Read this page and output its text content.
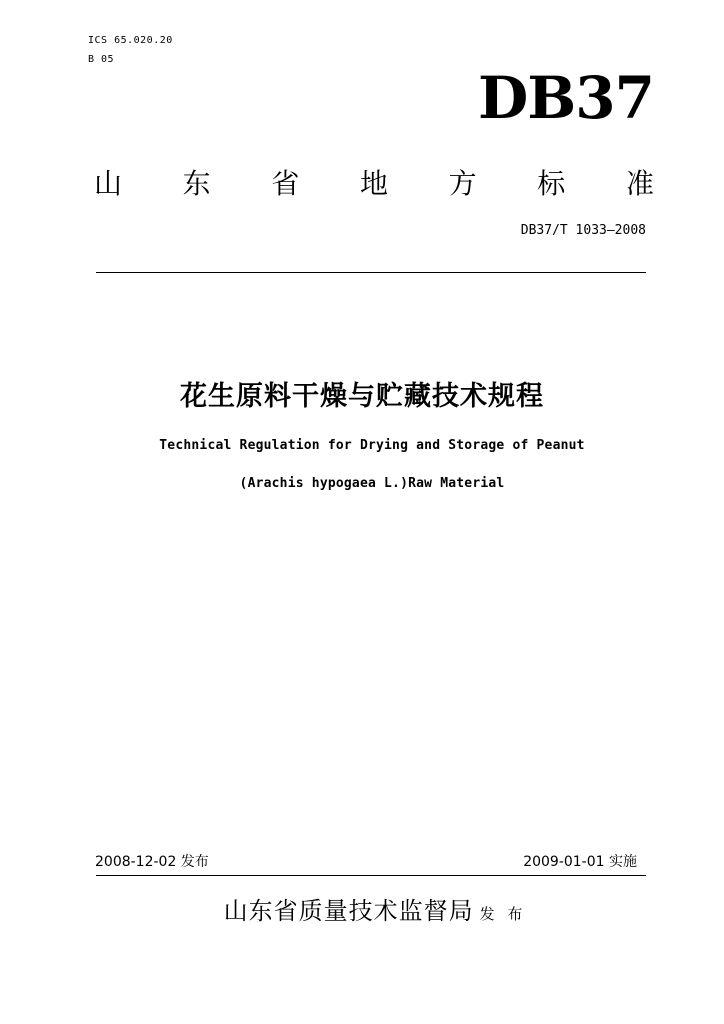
ICS 65.020.20
B 05
DB37
山 东 省 地 方 标 准
DB37/T 1033—2008
花生原料干燥与贮藏技术规程
Technical Regulation for Drying and Storage of Peanut
(Arachis hypogaea L.)Raw Material
2008-12-02 发布	2009-01-01 实施
山东省质量技术监督局 发 布
